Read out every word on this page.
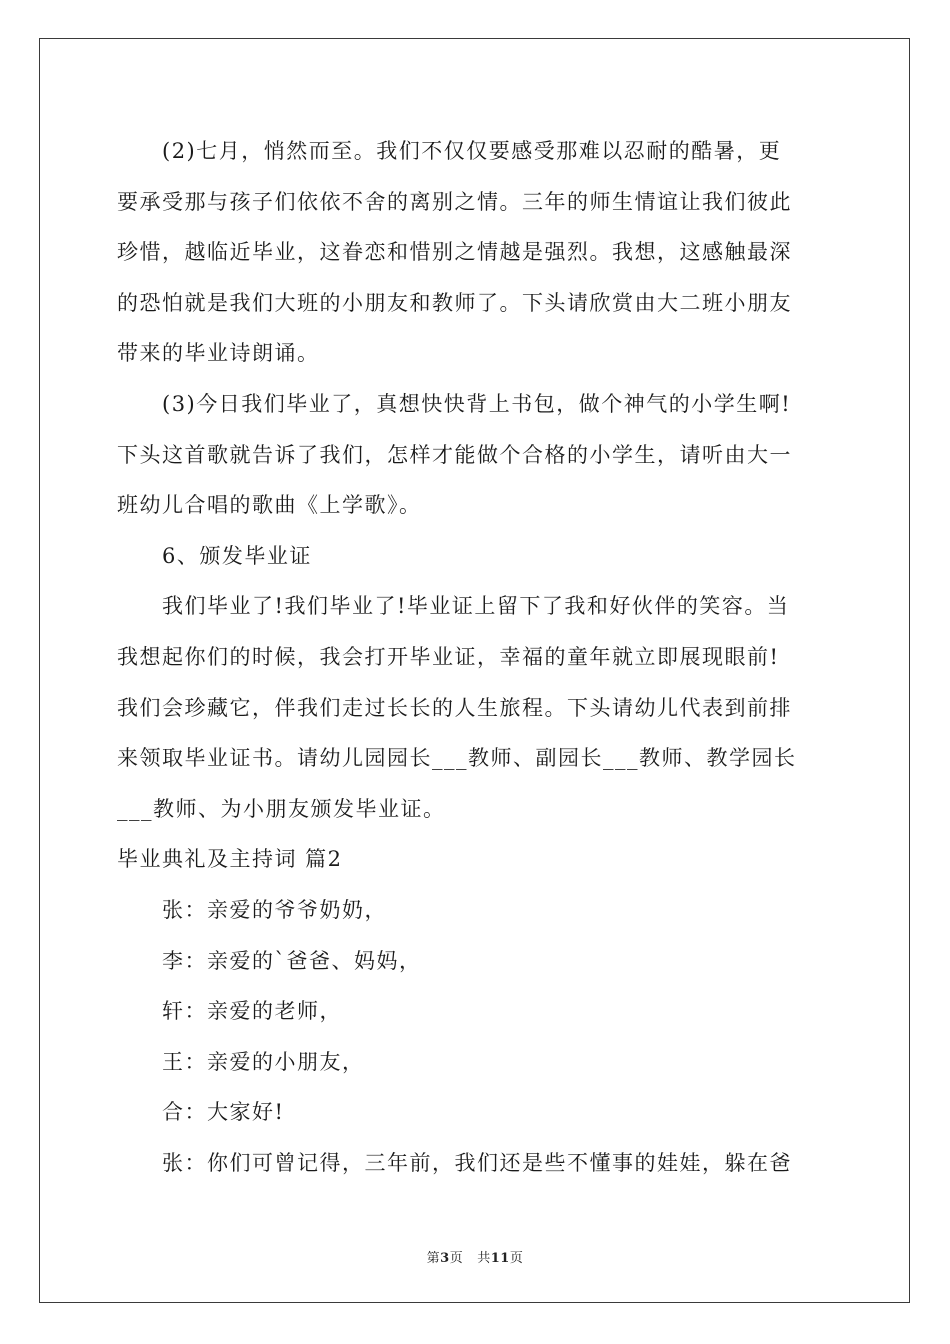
(2)七月，悄然而至。我们不仅仅要感受那难以忍耐的酷暑，更
要承受那与孩子们依依不舍的离别之情。三年的师生情谊让我们彼此
珍惜，越临近毕业，这眷恋和惜别之情越是强烈。我想，这感触最深
的恐怕就是我们大班的小朋友和教师了。下头请欣赏由大二班小朋友
带来的毕业诗朗诵。
(3)今日我们毕业了，真想快快背上书包，做个神气的小学生啊!
下头这首歌就告诉了我们，怎样才能做个合格的小学生，请听由大一
班幼儿合唱的歌曲《上学歌》。
6、颁发毕业证
我们毕业了!我们毕业了!毕业证上留下了我和好伙伴的笑容。当
我想起你们的时候，我会打开毕业证，幸福的童年就立即展现眼前!
我们会珍藏它，伴我们走过长长的人生旅程。下头请幼儿代表到前排
来领取毕业证书。请幼儿园园长___教师、副园长___教师、教学园长
___教师、为小朋友颁发毕业证。
毕业典礼及主持词 篇2
张：亲爱的爷爷奶奶，
李：亲爱的`爸爸、妈妈，
轩：亲爱的老师，
王：亲爱的小朋友，
合：大家好!
张：你们可曾记得，三年前，我们还是些不懂事的娃娃，躲在爸
第3页 共11页
